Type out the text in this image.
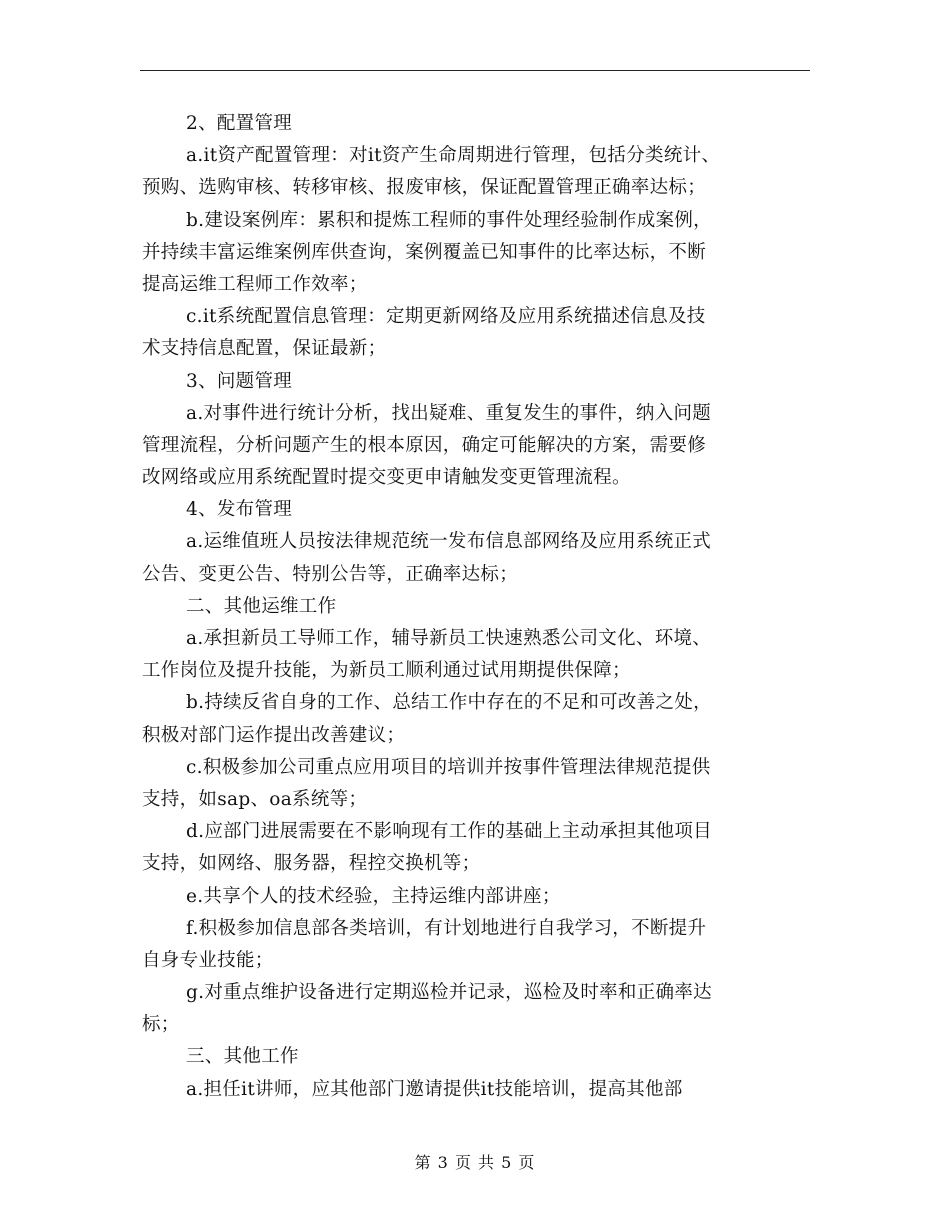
2、配置管理
a.it资产配置管理：对it资产生命周期进行管理，包括分类统计、
预购、选购审核、转移审核、报废审核，保证配置管理正确率达标；
b.建设案例库：累积和提炼工程师的事件处理经验制作成案例，
并持续丰富运维案例库供查询，案例覆盖已知事件的比率达标，不断
提高运维工程师工作效率；
c.it系统配置信息管理：定期更新网络及应用系统描述信息及技
术支持信息配置，保证最新；
3、问题管理
a.对事件进行统计分析，找出疑难、重复发生的事件，纳入问题
管理流程，分析问题产生的根本原因，确定可能解决的方案，需要修
改网络或应用系统配置时提交变更申请触发变更管理流程。
4、发布管理
a.运维值班人员按法律规范统一发布信息部网络及应用系统正式
公告、变更公告、特别公告等，正确率达标；
二、其他运维工作
a.承担新员工导师工作，辅导新员工快速熟悉公司文化、环境、
工作岗位及提升技能，为新员工顺利通过试用期提供保障；
b.持续反省自身的工作、总结工作中存在的不足和可改善之处，
积极对部门运作提出改善建议；
c.积极参加公司重点应用项目的培训并按事件管理法律规范提供
支持，如sap、oa系统等；
d.应部门进展需要在不影响现有工作的基础上主动承担其他项目
支持，如网络、服务器，程控交换机等；
e.共享个人的技术经验，主持运维内部讲座；
f.积极参加信息部各类培训，有计划地进行自我学习，不断提升
自身专业技能；
g.对重点维护设备进行定期巡检并记录，巡检及时率和正确率达
标；
三、其他工作
a.担任it讲师，应其他部门邀请提供it技能培训，提高其他部
第 3 页 共 5 页
